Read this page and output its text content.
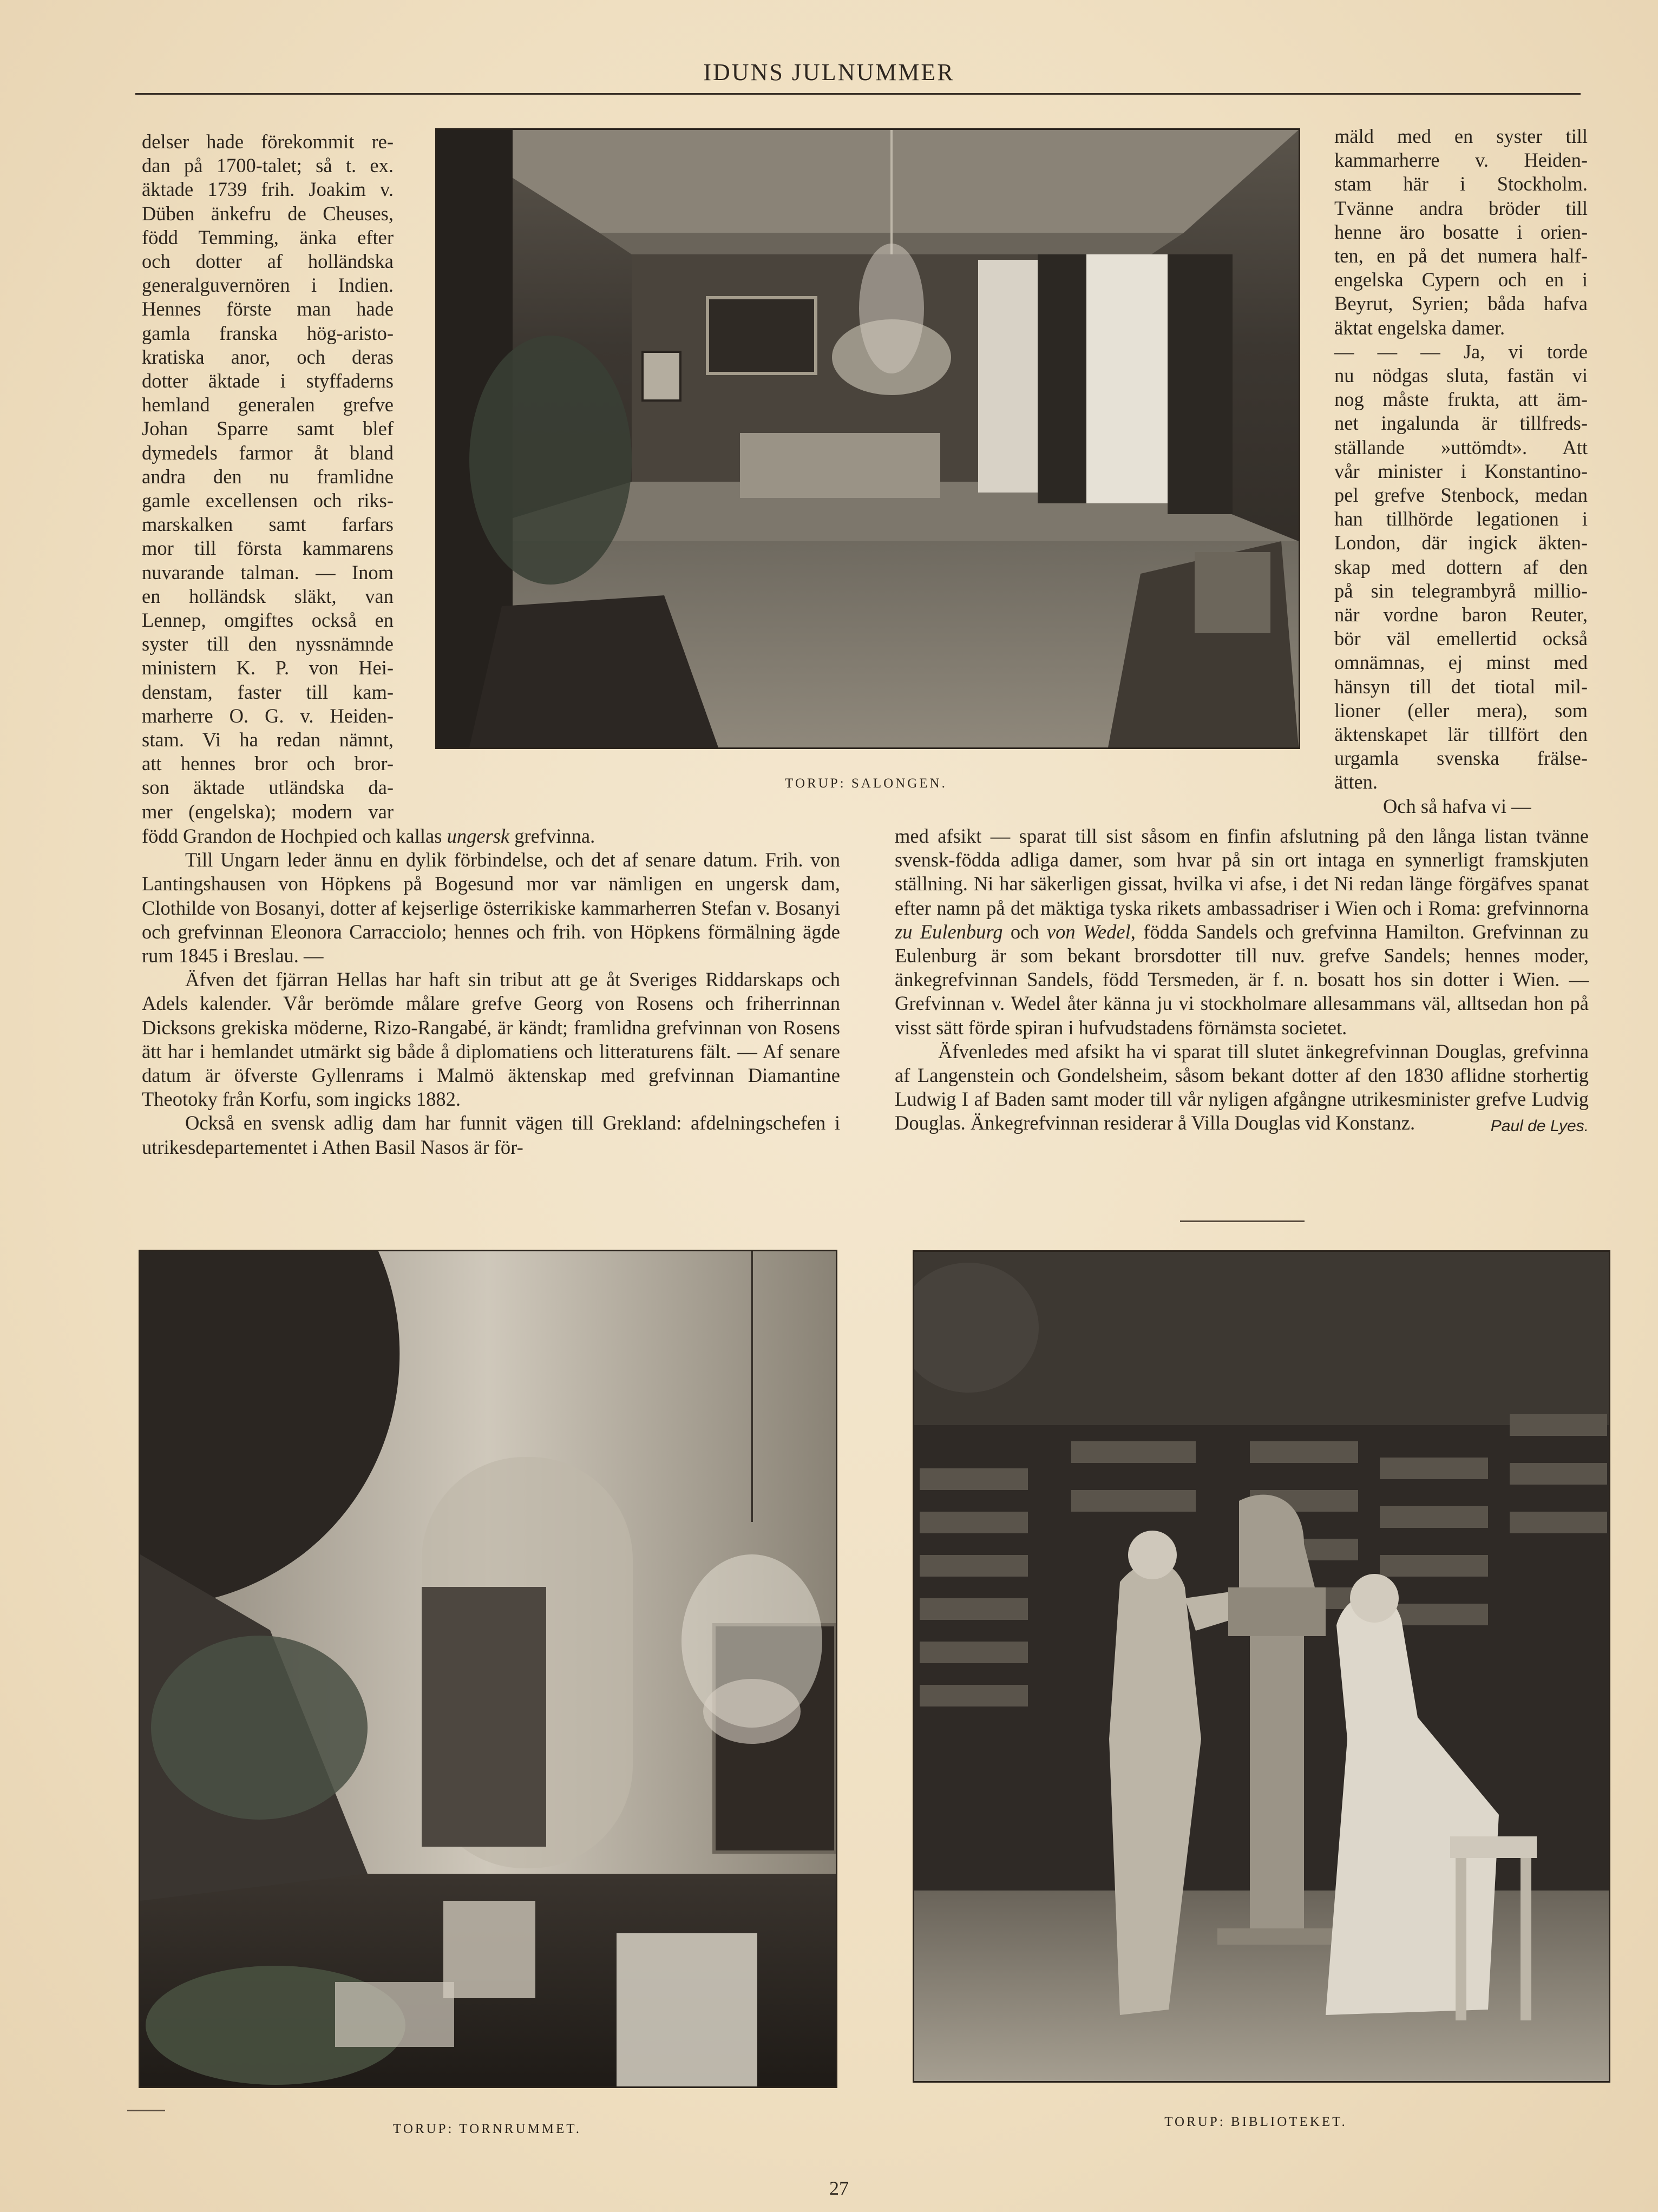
IDUNS JULNUMMER
delser hade förekommit re-
dan på 1700-talet; så t. ex.
äktade 1739 frih. Joakim v.
Düben änkefru de Cheuses,
född Temming, änka efter
och dotter af holländska
generalguvernören i Indien.
Hennes förste man hade
gamla franska hög-aristo-
kratiska anor, och deras
dotter äktade i styffaderns
hemland generalen grefve
Johan Sparre samt blef
dymedels farmor åt bland
andra den nu framlidne
gamle excellensen och riks-
marskalken samt farfars
mor till första kammarens
nuvarande talman. — Inom
en holländsk släkt, van
Lennep, omgiftes också en
syster till den nyssnämnde
ministern K. P. von Hei-
denstam, faster till kam-
marherre O. G. v. Heiden-
stam. Vi ha redan nämnt,
att hennes bror och bror-
son äktade utländska da-
mer (engelska); modern var
mäld med en syster till
kammarherre v. Heiden-
stam här i Stockholm.
Tvänne andra bröder till
henne äro bosatte i orien-
ten, en på det numera half-
engelska Cypern och en i
Beyrut, Syrien; båda hafva
äktat engelska damer.
— — — Ja, vi torde
nu nödgas sluta, fastän vi
nog måste frukta, att äm-
net ingalunda är tillfreds-
ställande »uttömdt». Att
vår minister i Konstantino-
pel grefve Stenbock, medan
han tillhörde legationen i
London, där ingick äkten-
skap med dottern af den
på sin telegrambyrå millio-
när vordne baron Reuter,
bör väl emellertid också
omnämnas, ej minst med
hänsyn till det tiotal mil-
lioner (eller mera), som
äktenskapet lär tillfört den
urgamla svenska frälse-
ätten.
Och så hafva vi —
TORUP: SALONGEN.

född Grandon de Hochpied och kallas ungersk grefvinna.

Till Ungarn leder ännu en dylik förbindelse, och det af senare datum. Frih. von Lantingshausen von Höpkens på Bogesund mor var nämligen en ungersk dam, Clothilde von Bosanyi, dotter af kejserlige österrikiske kammarherren Stefan v. Bosanyi och grefvinnan Eleonora Carracciolo; hennes och frih. von Höpkens förmälning ägde rum 1845 i Breslau. —

Äfven det fjärran Hellas har haft sin tribut att ge åt Sveriges Riddarskaps och Adels kalender. Vår berömde målare grefve Georg von Rosens och friherrinnan Dicksons grekiska möderne, Rizo-Rangabé, är kändt; framlidna grefvinnan von Rosens ätt har i hemlandet utmärkt sig både å diplomatiens och litteraturens fält. — Af senare datum är öfverste Gyllenrams i Malmö äktenskap med grefvinnan Diamantine Theotoky från Korfu, som ingicks 1882.

Också en svensk adlig dam har funnit vägen till Grekland: afdelningschefen i utrikesdepartementet i Athen Basil Nasos är för-

med afsikt — sparat till sist såsom en finfin afslutning på den långa listan tvänne svensk-födda adliga damer, som hvar på sin ort intaga en synnerligt framskjuten ställning. Ni har säkerligen gissat, hvilka vi afse, i det Ni redan länge förgäfves spanat efter namn på det mäktiga tyska rikets ambassadriser i Wien och i Roma: grefvinnorna zu Eulenburg och von Wedel, födda Sandels och grefvinna Hamilton. Grefvinnan zu Eulenburg är som bekant brorsdotter till nuv. grefve Sandels; hennes moder, änkegrefvinnan Sandels, född Tersmeden, är f. n. bosatt hos sin dotter i Wien. — Grefvinnan v. Wedel åter känna ju vi stockholmare allesammans väl, alltsedan hon på visst sätt förde spiran i hufvudstadens förnämsta societet.

Äfvenledes med afsikt ha vi sparat till slutet änkegrefvinnan Douglas, grefvinna af Langenstein och Gondelsheim, såsom bekant dotter af den 1830 aflidne storhertig Ludwig I af Baden samt moder till vår nyligen afgångne utrikesminister grefve Ludvig Douglas. Änkegrefvinnan residerar å Villa Douglas vid Konstanz.	Paul de Lyes.

TORUP: TORNRUMMET.	TORUP: BIBLIOTEKET.
27
